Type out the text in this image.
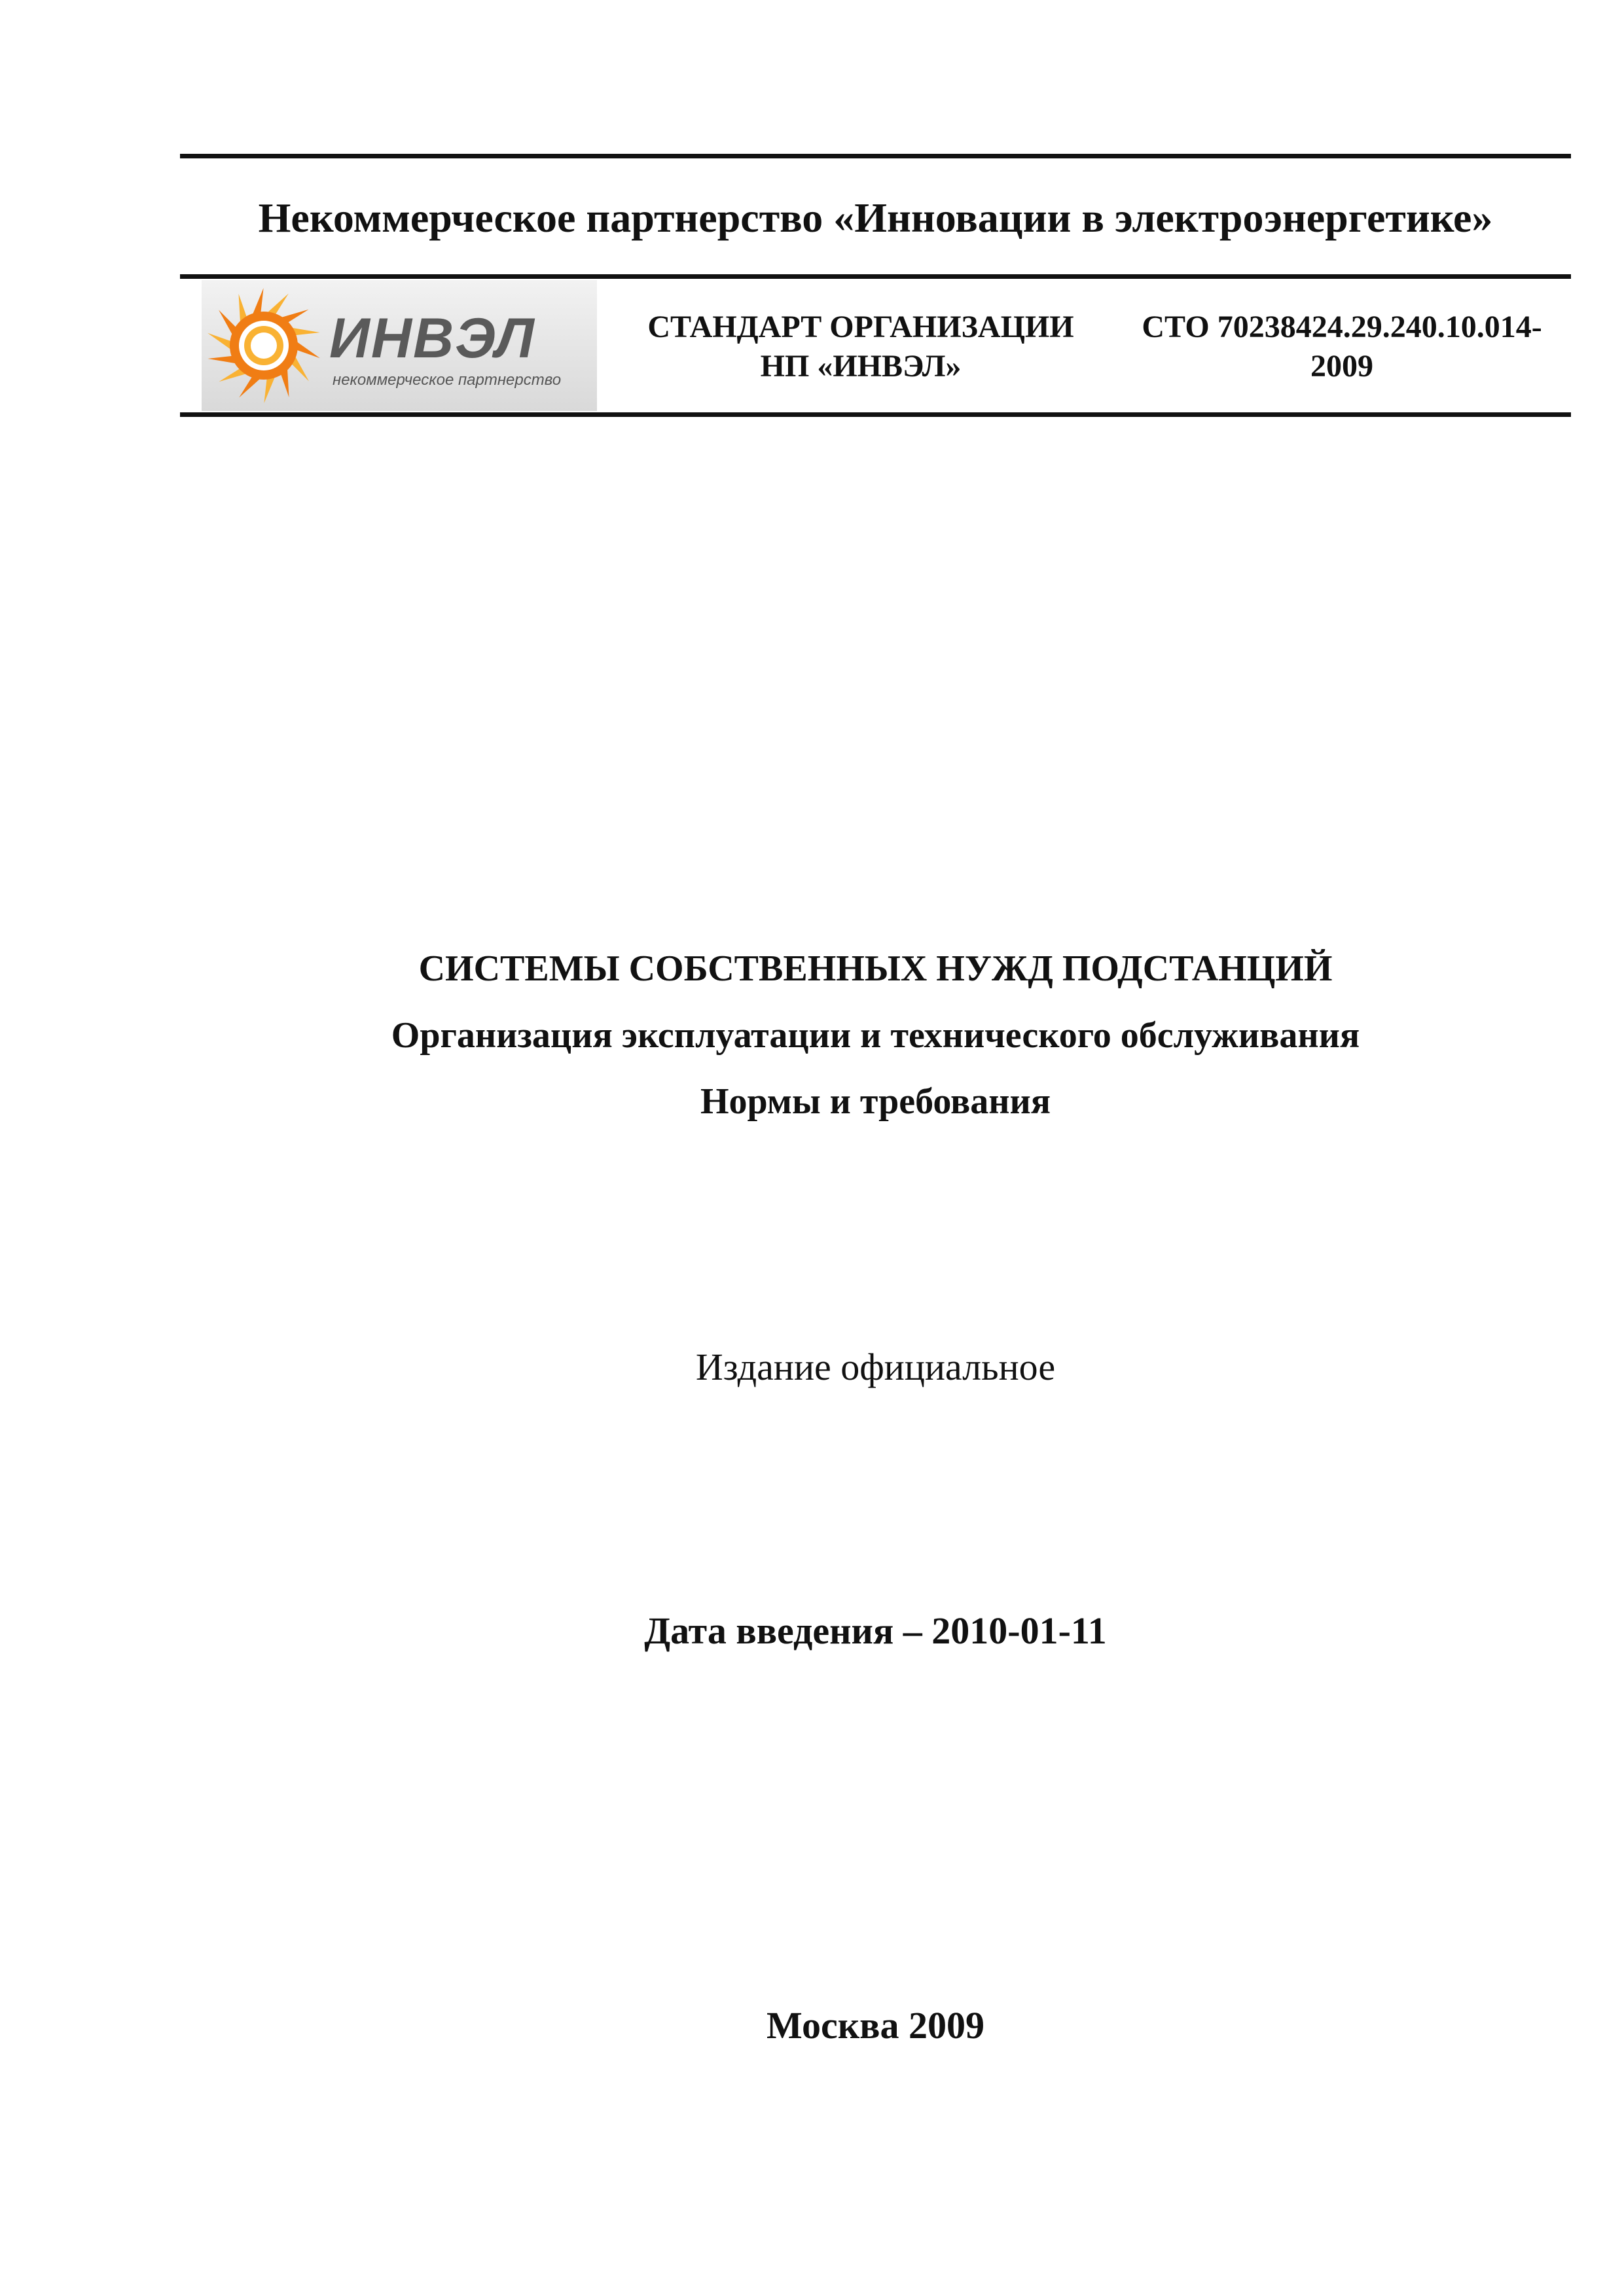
Некоммерческое партнерство «Инновации в электроэнергетике»
ИНВЭЛ
некоммерческое партнерство
СТАНДАРТ ОРГАНИЗАЦИИ
НП «ИНВЭЛ»
СТО 70238424.29.240.10.014-
2009
СИСТЕМЫ СОБСТВЕННЫХ НУЖД ПОДСТАНЦИЙ
Организация эксплуатации и технического обслуживания
Нормы и требования
Издание официальное
Дата введения – 2010-01-11
Москва 2009
